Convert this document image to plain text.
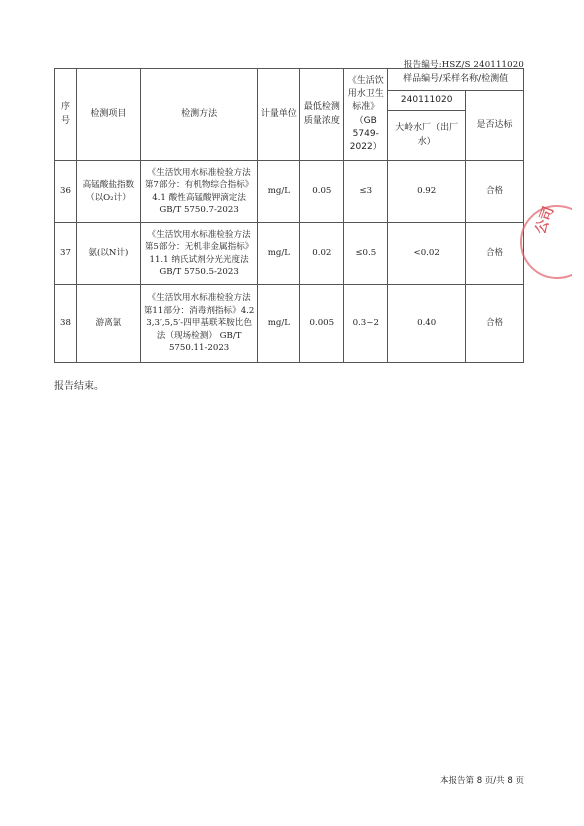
报告编号:HSZ/S 240111020
序号	检测项目	检测方法	计量单位	最低检测质量浓度	《生活饮用水卫生标准》（GB 5749-2022）	样品编号/采样名称/检测值	
						240111020	是否达标
						大岭水厂（出厂水）	
36	高锰酸盐指数（以O₂计）	《生活饮用水标准检验方法 第7部分：有机物综合指标》4.1 酸性高锰酸钾滴定法 GB/T 5750.7-2023	mg/L	0.05	≤3	0.92	合格
37	氨(以N计)	《生活饮用水标准检验方法 第5部分：无机非金属指标》11.1 纳氏试剂分光光度法 GB/T 5750.5-2023	mg/L	0.02	≤0.5	<0.02	合格
38	游离氯	《生活饮用水标准检验方法 第11部分：消毒剂指标》4.2 3,3′,5,5′-四甲基联苯胺比色法（现场检测） GB/T 5750.11-2023	mg/L	0.005	0.3~2	0.40	合格
公司
报告结束。
本报告第 8 页/共 8 页
